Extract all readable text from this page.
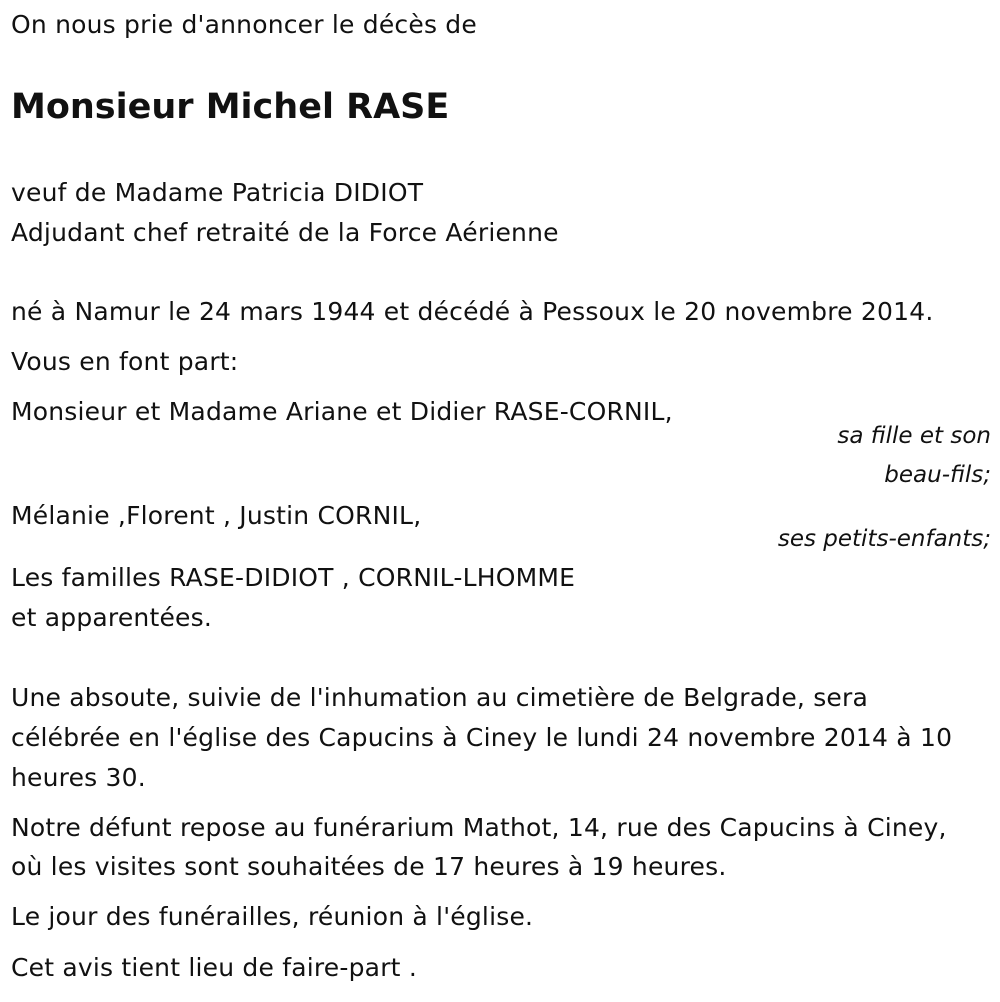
On nous prie d'annoncer le décès de

Monsieur Michel RASE

veuf de Madame Patricia DIDIOT

Adjudant chef retraité de la Force Aérienne

né à Namur le 24 mars 1944 et décédé à Pessoux le 20 novembre 2014.

Vous en font part:

Monsieur et Madame Ariane et Didier RASE-CORNIL,

sa fille et son

beau-fils;

Mélanie ,Florent , Justin CORNIL,

ses petits-enfants;

Les familles RASE-DIDIOT , CORNIL-LHOMME

et apparentées.

Une absoute, suivie de l'inhumation au cimetière de Belgrade, sera

célébrée en l'église des Capucins à Ciney le lundi 24 novembre 2014 à 10

heures 30.

Notre défunt repose au funérarium Mathot, 14, rue des Capucins à Ciney,

où les visites sont souhaitées de 17 heures à 19 heures.

Le jour des funérailles, réunion à l'église.

Cet avis tient lieu de faire-part .
